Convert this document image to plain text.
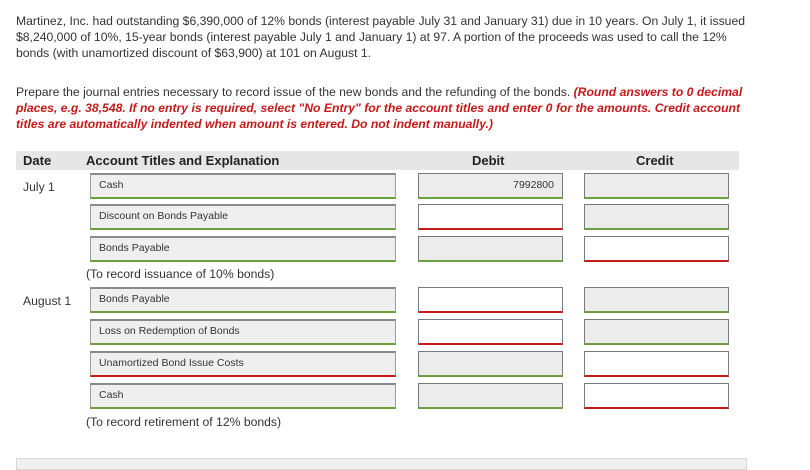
Martinez, Inc. had outstanding $6,390,000 of 12% bonds (interest payable July 31 and January 31) due in 10 years. On July 1, it issued $8,240,000 of 10%, 15-year bonds (interest payable July 1 and January 1) at 97. A portion of the proceeds was used to call the 12% bonds (with unamortized discount of $63,900) at 101 on August 1.

Prepare the journal entries necessary to record issue of the new bonds and the refunding of the bonds. (Round answers to 0 decimal places, e.g. 38,548. If no entry is required, select "No Entry" for the account titles and enter 0 for the amounts. Credit account titles are automatically indented when amount is entered. Do not indent manually.)

Date	Account Titles and Explanation	Debit	Credit
July 1	Cash	7992800
Discount on Bonds Payable
Bonds Payable
(To record issuance of 10% bonds)
August 1	Bonds Payable
Loss on Redemption of Bonds
Unamortized Bond Issue Costs
Cash
(To record retirement of 12% bonds)
